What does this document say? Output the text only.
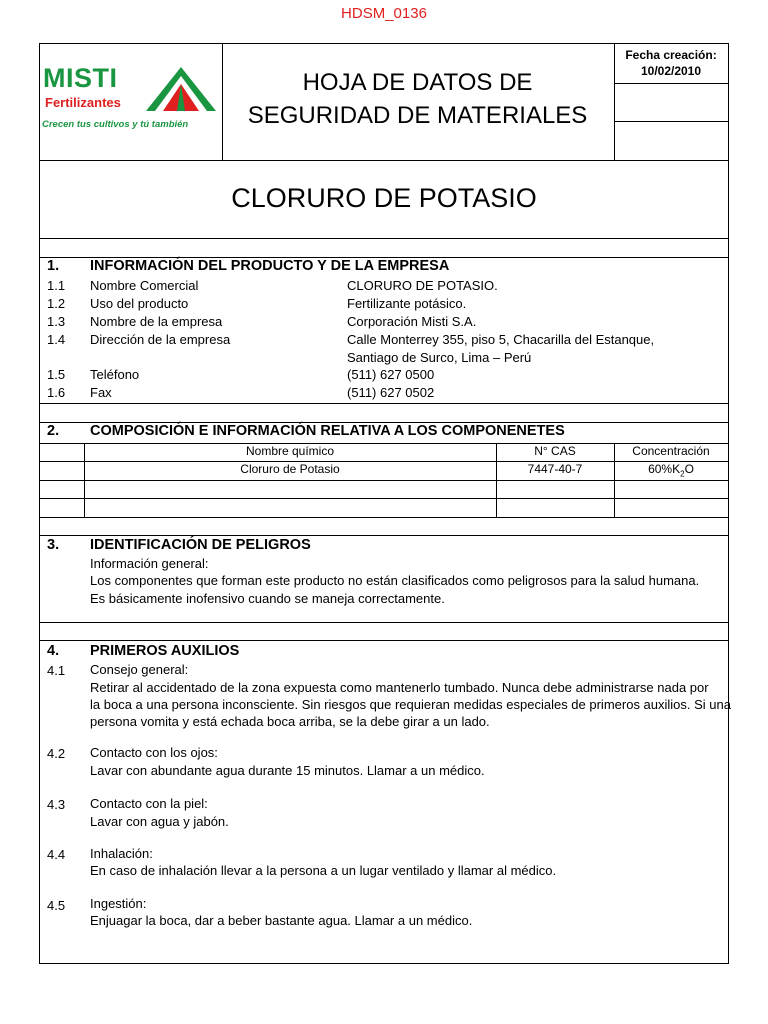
HDSM_0136
MISTI
Fertilizantes
Crecen tus cultivos y tú también
HOJA DE DATOS DE
SEGURIDAD DE MATERIALES
Fecha creación:
10/02/2010
CLORURO DE POTASIO
1. INFORMACIÓN DEL PRODUCTO Y DE LA EMPRESA
1.1 Nombre Comercial	CLORURO DE POTASIO.
1.2 Uso del producto	Fertilizante potásico.
1.3 Nombre de la empresa	Corporación Misti S.A.
1.4 Dirección de la empresa	Calle Monterrey 355, piso 5, Chacarilla del Estanque,
Santiago de Surco, Lima – Perú
1.5 Teléfono	(511) 627 0500
1.6 Fax	(511) 627 0502
2. COMPOSICIÓN E INFORMACIÓN RELATIVA A LOS COMPONENETES
Nombre químico	N° CAS	Concentración
Cloruro de Potasio	7447-40-7	$60\%K_2O$
3. IDENTIFICACIÓN DE PELIGROS
Información general:
Los componentes que forman este producto no están clasificados como peligrosos para la salud humana.
Es básicamente inofensivo cuando se maneja correctamente.
4. PRIMEROS AUXILIOS
4.1 Consejo general:
Retirar al accidentado de la zona expuesta como mantenerlo tumbado. Nunca debe administrarse nada por
la boca a una persona inconsciente. Sin riesgos que requieran medidas especiales de primeros auxilios. Si una
persona vomita y está echada boca arriba, se la debe girar a un lado.
4.2 Contacto con los ojos:
Lavar con abundante agua durante 15 minutos. Llamar a un médico.
4.3 Contacto con la piel:
Lavar con agua y jabón.
4.4 Inhalación:
En caso de inhalación llevar a la persona a un lugar ventilado y llamar al médico.
4.5 Ingestión:
Enjuagar la boca, dar a beber bastante agua. Llamar a un médico.
